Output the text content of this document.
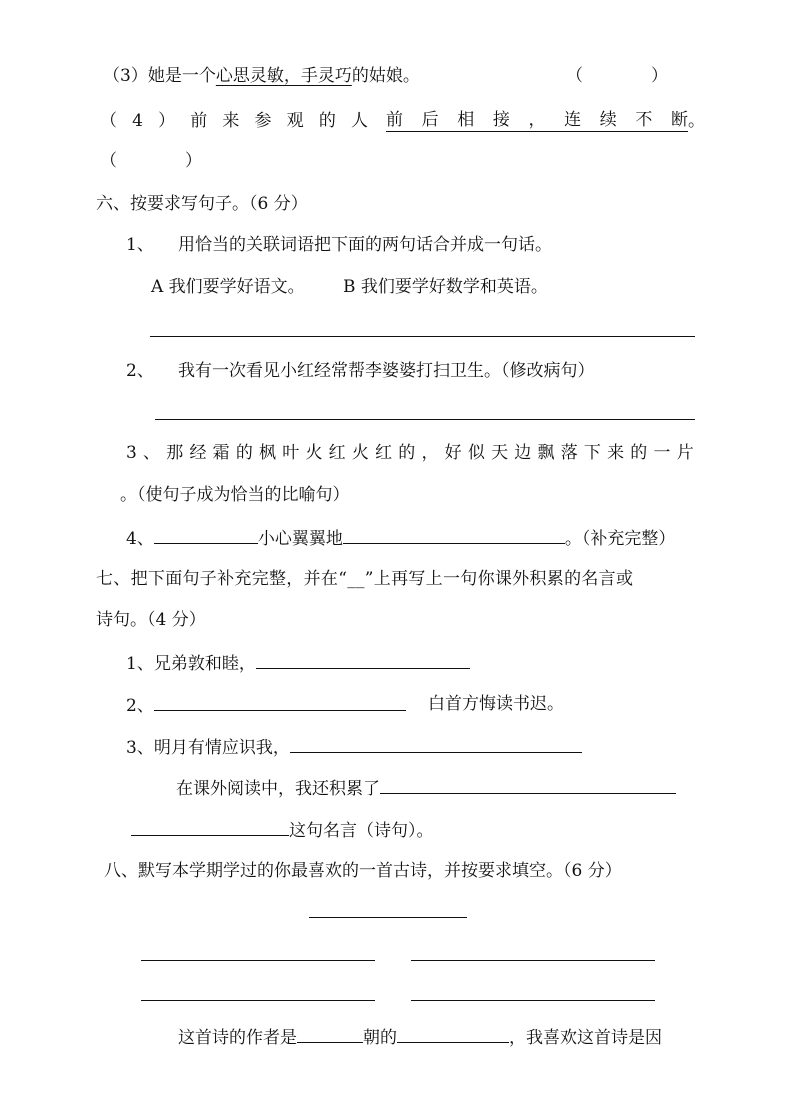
（3）她是一个心思灵敏，手灵巧的姑娘。	（　　　　）
（ 4 ） 前 来 参 观 的 人 前 后 相 接 ， 连 续 不 断 。
（　　　　）
六、按要求写句子。（6 分）
1、 用恰当的关联词语把下面的两句话合并成一句话。
A 我们要学好语文。 B 我们要学好数学和英语。
2、 我有一次看见小红经常帮李婆婆打扫卫生。（修改病句）
3 、 那 经 霜 的 枫 叶 火 红 火 红 的 ， 好 似 天 边 飘 落 下 来 的 一 片
。（使句子成为恰当的比喻句）
4、	小心翼翼地	。（补充完整）
七、把下面句子补充完整，并在“__”上再写上一句你课外积累的名言或
诗句。（4 分）
1、兄弟敦和睦，
2、	白首方悔读书迟。
3、明月有情应识我，
在课外阅读中，我还积累了
这句名言（诗句）。
八、默写本学期学过的你最喜欢的一首古诗，并按要求填空。（6 分）
这首诗的作者是	朝的	，我喜欢这首诗是因
